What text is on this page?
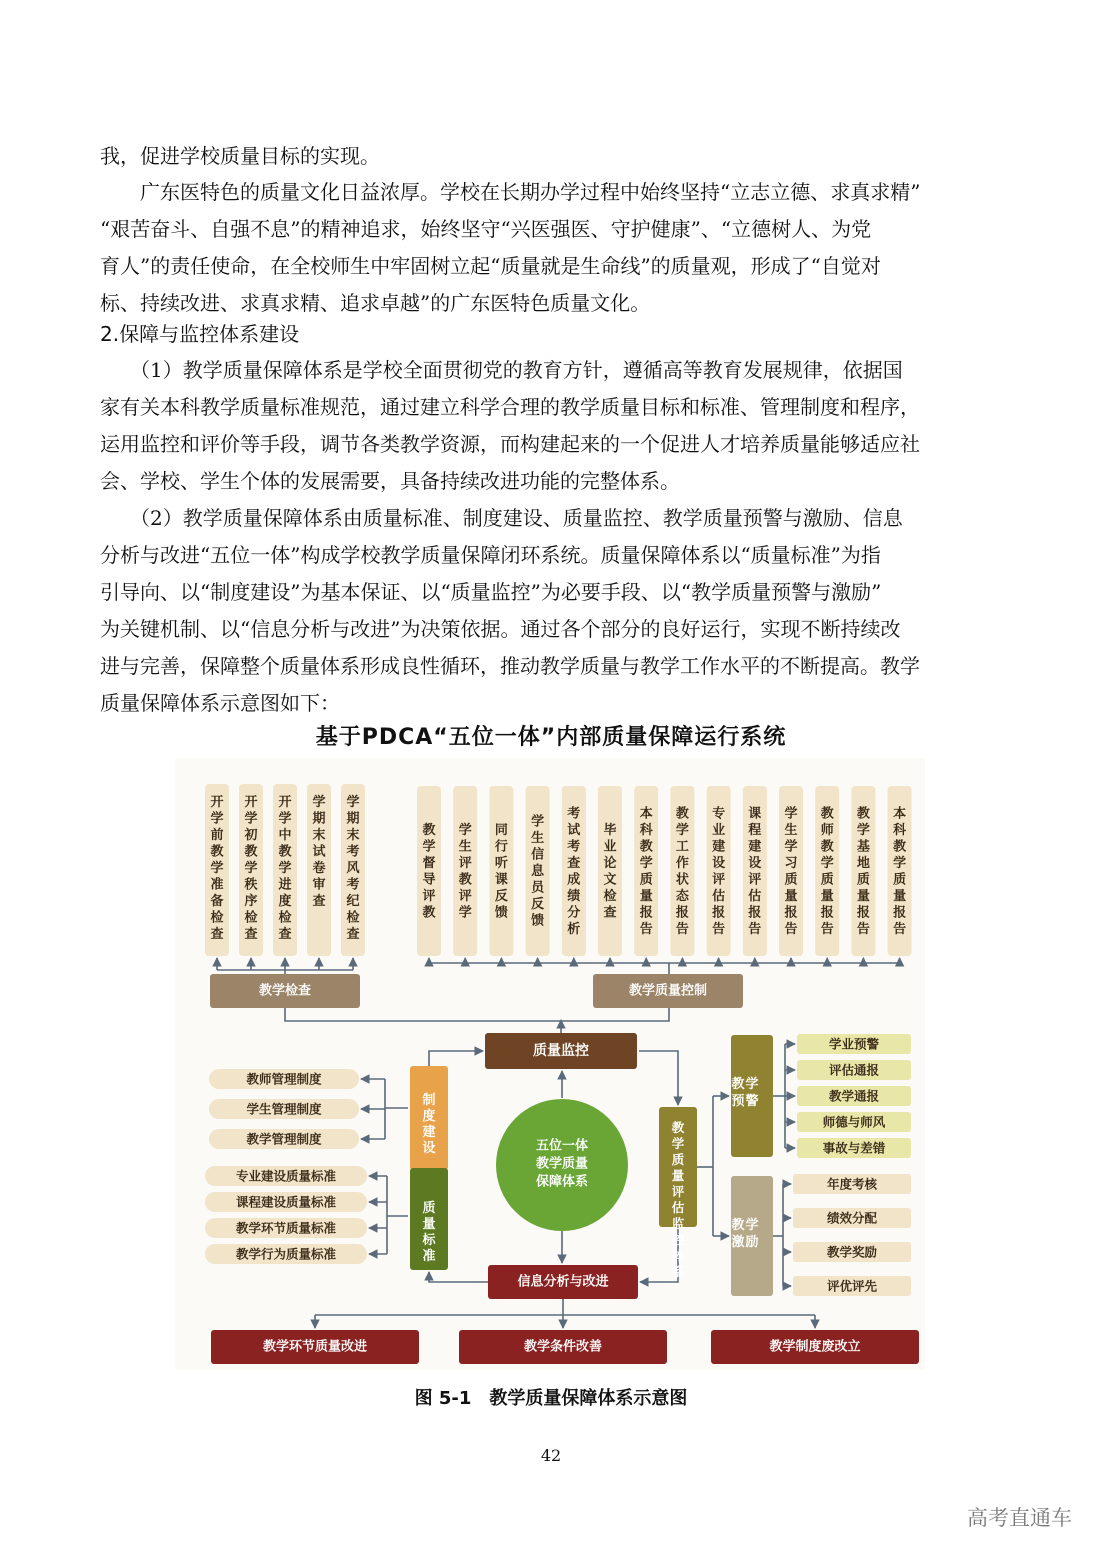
我，促进学校质量目标的实现。
　　广东医特色的质量文化日益浓厚。学校在长期办学过程中始终坚持“立志立德、求真求精”
“艰苦奋斗、自强不息”的精神追求，始终坚守“兴医强医、守护健康”、“立德树人、为党
育人”的责任使命，在全校师生中牢固树立起“质量就是生命线”的质量观，形成了“自觉对
标、持续改进、求真求精、追求卓越”的广东医特色质量文化。
2.保障与监控体系建设
　　（1）教学质量保障体系是学校全面贯彻党的教育方针，遵循高等教育发展规律，依据国
家有关本科教学质量标准规范，通过建立科学合理的教学质量目标和标准、管理制度和程序，
运用监控和评价等手段，调节各类教学资源，而构建起来的一个促进人才培养质量能够适应社
会、学校、学生个体的发展需要，具备持续改进功能的完整体系。
　　（2）教学质量保障体系由质量标准、制度建设、质量监控、教学质量预警与激励、信息
分析与改进“五位一体”构成学校教学质量保障闭环系统。质量保障体系以“质量标准”为指
引导向、以“制度建设”为基本保证、以“质量监控”为必要手段、以“教学质量预警与激励”
为关键机制、以“信息分析与改进”为决策依据。通过各个部分的良好运行，实现不断持续改
进与完善，保障整个质量体系形成良性循环，推动教学质量与教学工作水平的不断提高。教学
质量保障体系示意图如下：
基于PDCA“五位一体”内部质量保障运行系统
开学前教学准备检查
开学初教学秩序检查
开学中教学进度检查
学期末试卷审查
学期末考风考纪检查
教学检查
教学督导评教
学生评教评学
同行听课反馈
学生信息员反馈
考试考查成绩分析
毕业论文检查
本科教学质量报告
教学工作状态报告
专业建设评估报告
课程建设评估报告
学生学习质量报告
教师教学质量报告
教学基地质量报告
本科教学质量报告
教学质量控制
质量监控
五位一体
教学质量
保障体系
信息分析与改进
制度建设
质量标准
教学质量评估监控体系
教师管理制度
学生管理制度
教学管理制度
专业建设质量标准
课程建设质量标准
教学环节质量标准
教学行为质量标准
教学预警
教学激励
学业预警
评估通报
教学通报
师德与师风
事故与差错
年度考核
绩效分配
教学奖励
评优评先
教学环节质量改进	教学条件改善	教学制度废改立
图 5-1　教学质量保障体系示意图
42
高考直通车
